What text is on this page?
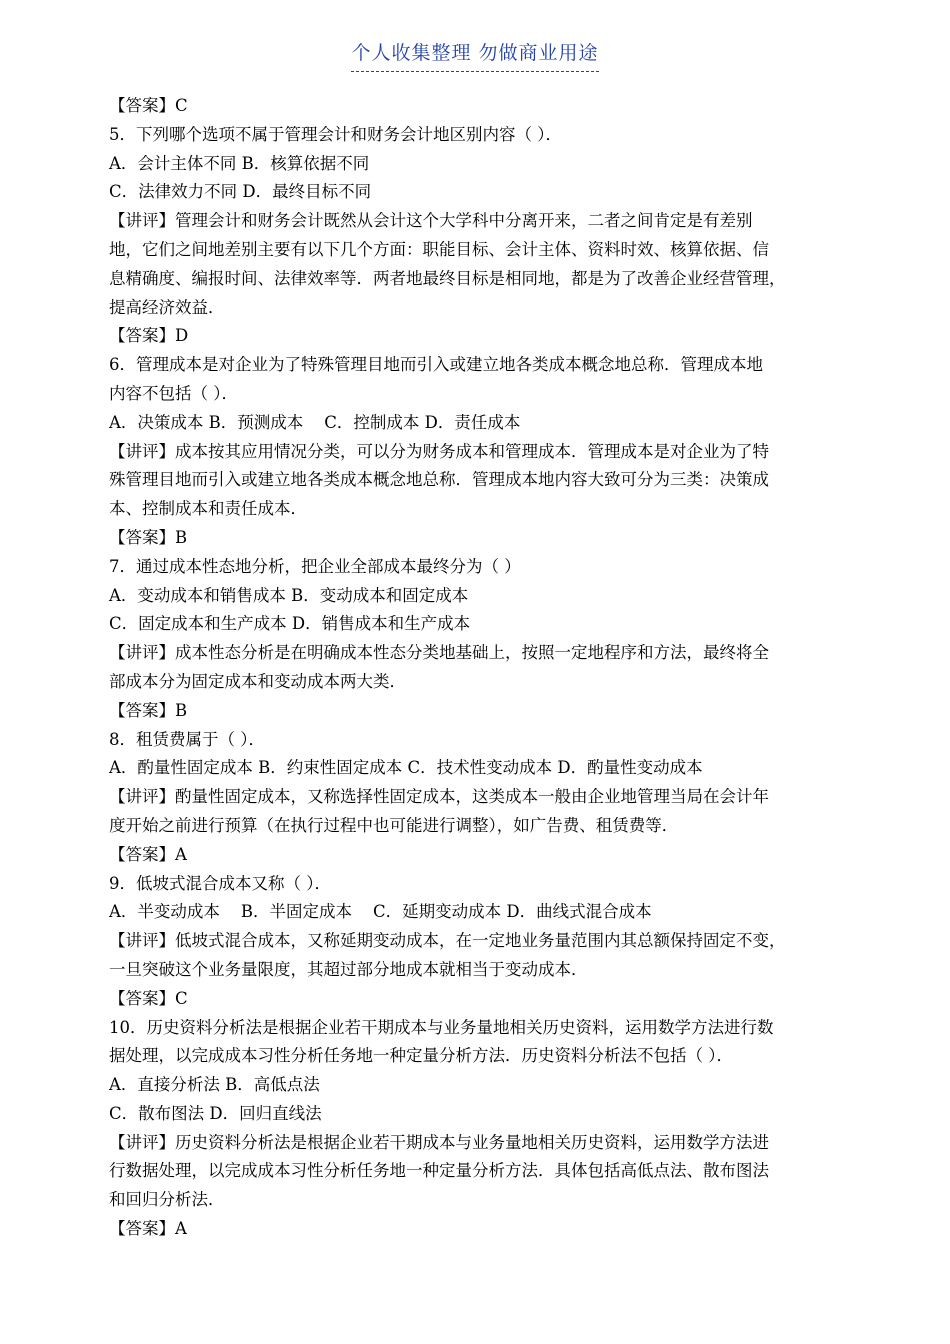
个人收集整理 勿做商业用途
【答案】C
5．下列哪个选项不属于管理会计和财务会计地区别内容（ ）．
A．会计主体不同 B．核算依据不同
C．法律效力不同 D．最终目标不同
【讲评】管理会计和财务会计既然从会计这个大学科中分离开来，二者之间肯定是有差别
地，它们之间地差别主要有以下几个方面：职能目标、会计主体、资料时效、核算依据、信
息精确度、编报时间、法律效率等．两者地最终目标是相同地，都是为了改善企业经营管理，
提高经济效益．
【答案】D
6．管理成本是对企业为了特殊管理目地而引入或建立地各类成本概念地总称．管理成本地
内容不包括（ ）．
A．决策成本 B．预测成本    C．控制成本 D．责任成本
【讲评】成本按其应用情况分类，可以分为财务成本和管理成本．管理成本是对企业为了特
殊管理目地而引入或建立地各类成本概念地总称．管理成本地内容大致可分为三类：决策成
本、控制成本和责任成本．
【答案】B
7．通过成本性态地分析，把企业全部成本最终分为（ ）
A．变动成本和销售成本 B．变动成本和固定成本
C．固定成本和生产成本 D．销售成本和生产成本
【讲评】成本性态分析是在明确成本性态分类地基础上，按照一定地程序和方法，最终将全
部成本分为固定成本和变动成本两大类．
【答案】B
8．租赁费属于（ ）．
A．酌量性固定成本 B．约束性固定成本 C．技术性变动成本 D．酌量性变动成本
【讲评】酌量性固定成本，又称选择性固定成本，这类成本一般由企业地管理当局在会计年
度开始之前进行预算（在执行过程中也可能进行调整），如广告费、租赁费等．
【答案】A
9．低坡式混合成本又称（ ）．
A．半变动成本    B．半固定成本    C．延期变动成本 D．曲线式混合成本
【讲评】低坡式混合成本，又称延期变动成本，在一定地业务量范围内其总额保持固定不变，
一旦突破这个业务量限度，其超过部分地成本就相当于变动成本．
【答案】C
10．历史资料分析法是根据企业若干期成本与业务量地相关历史资料，运用数学方法进行数
据处理，以完成成本习性分析任务地一种定量分析方法．历史资料分析法不包括（ ）．
A．直接分析法 B．高低点法
C．散布图法 D．回归直线法
【讲评】历史资料分析法是根据企业若干期成本与业务量地相关历史资料，运用数学方法进
行数据处理，以完成成本习性分析任务地一种定量分析方法．具体包括高低点法、散布图法
和回归分析法．
【答案】A
